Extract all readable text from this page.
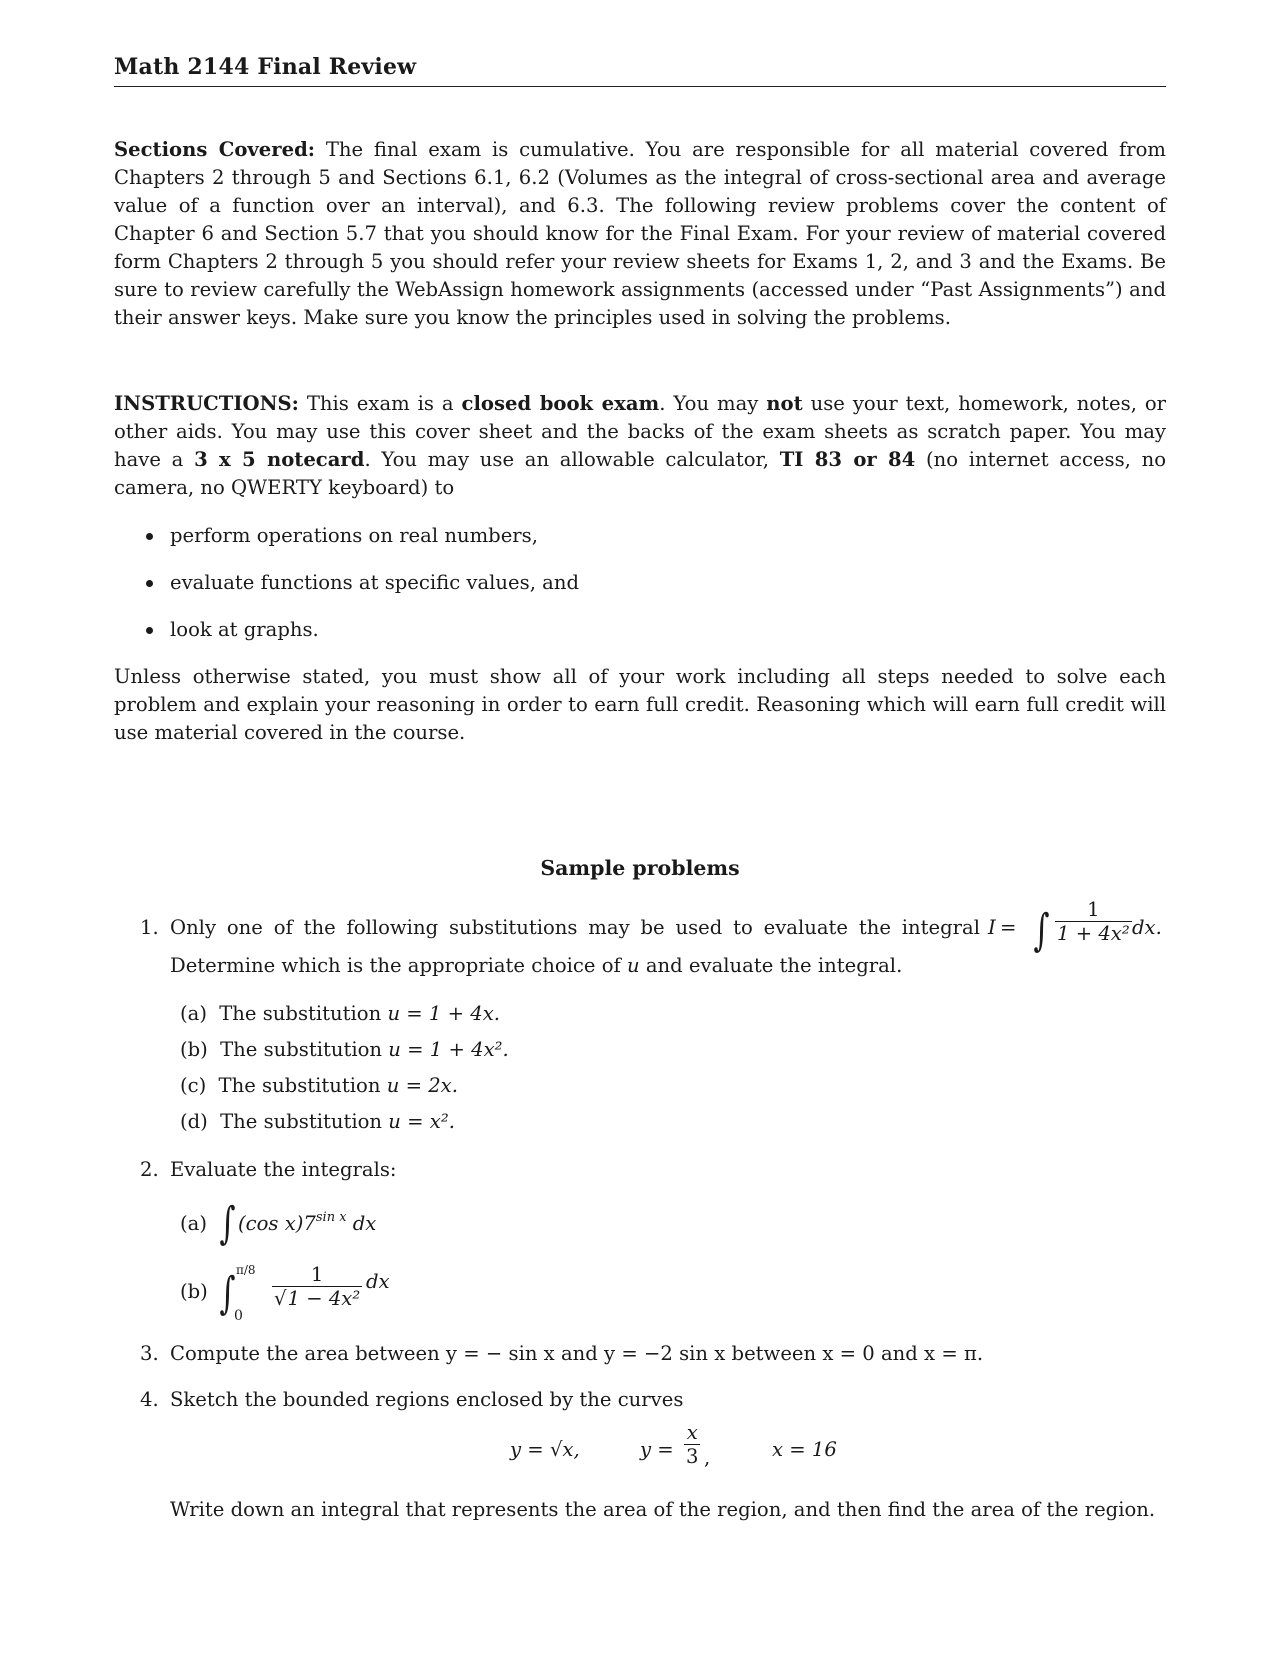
Math 2144 Final Review
Sections Covered: The final exam is cumulative. You are responsible for all material covered from Chapters 2 through 5 and Sections 6.1, 6.2 (Volumes as the integral of cross-sectional area and average value of a function over an interval), and 6.3. The following review problems cover the content of Chapter 6 and Section 5.7 that you should know for the Final Exam. For your review of material covered form Chapters 2 through 5 you should refer your review sheets for Exams 1, 2, and 3 and the Exams. Be sure to review carefully the WebAssign homework assignments (accessed under “Past Assignments”) and their answer keys. Make sure you know the principles used in solving the problems.
INSTRUCTIONS: This exam is a closed book exam. You may not use your text, homework, notes, or other aids. You may use this cover sheet and the backs of the exam sheets as scratch paper. You may have a 3 x 5 notecard. You may use an allowable calculator, TI 83 or 84 (no internet access, no camera, no QWERTY keyboard) to
perform operations on real numbers,
evaluate functions at specific values, and
look at graphs.
Unless otherwise stated, you must show all of your work including all steps needed to solve each problem and explain your reasoning in order to earn full credit. Reasoning which will earn full credit will use material covered in the course.
Sample problems
1. Only one of the following substitutions may be used to evaluate the integral I = ∫ $\frac{1}{\text{1 + 4x²}}$ dx.
Determine which is the appropriate choice of u and evaluate the integral.
(a) The substitution u = 1 + 4x.
(b) The substitution u = 1 + 4x².
(c) The substitution u = 2x.
(d) The substitution u = x².
2. Evaluate the integrals:
(a) ∫ (cos $x)7^{sin x}$ dx
(b) ∫ π/8
0
$\frac{1}{\text{√1 − 4x²}}$ dx
3. Compute the area between y = − sin x and y = −2 sin x between x = 0 and x = π.
4. Sketch the bounded regions enclosed by the curves
y = √x,	$y = \frac{x}{3}$ ,	x = 16
Write down an integral that represents the area of the region, and then find the area of the region.
